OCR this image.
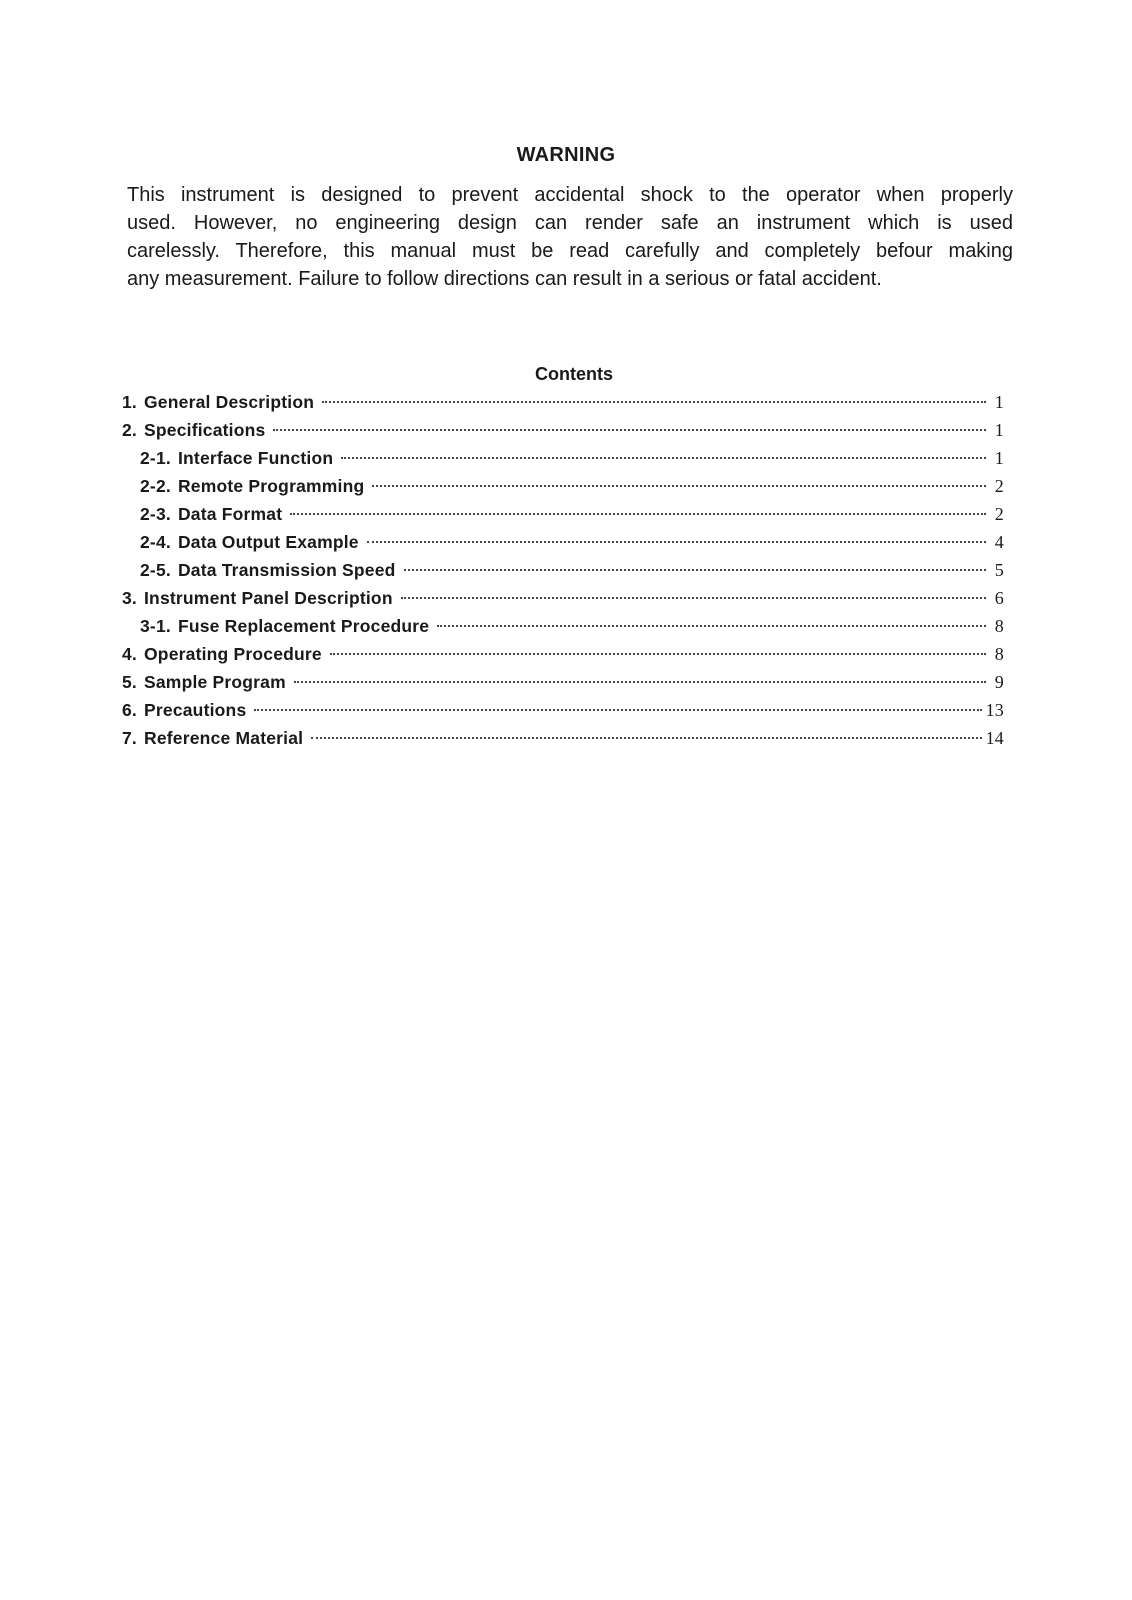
WARNING
This instrument is designed to prevent accidental shock to the operator when properly
used. However, no engineering design can render safe an instrument which is used
carelessly. Therefore, this manual must be read carefully and completely befour making
any measurement. Failure to follow directions can result in a serious or fatal accident.
Contents
1. General Description	1
2. Specifications	1
2-1. Interface Function	1
2-2. Remote Programming	2
2-3. Data Format	2
2-4. Data Output Example	4
2-5. Data Transmission Speed	5
3. Instrument Panel Description	6
3-1. Fuse Replacement Procedure	8
4. Operating Procedure	8
5. Sample Program	9
6. Precautions	13
7. Reference Material	14
